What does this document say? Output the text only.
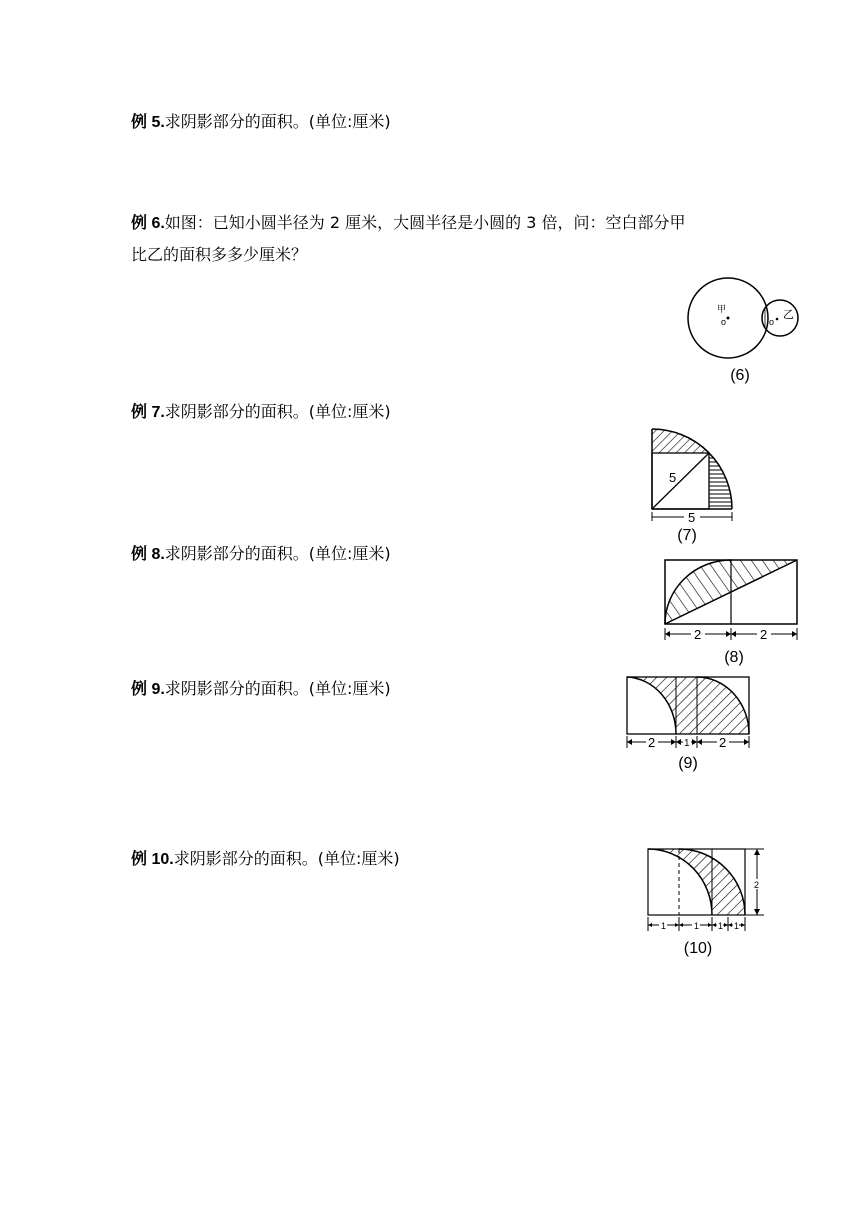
例 5.求阴影部分的面积。(单位:厘米)
例 6.如图：已知小圆半径为 2 厘米，大圆半径是小圆的 3 倍，问：空白部分甲
比乙的面积多多少厘米？
甲
o	o
乙
(6)
例 7.求阴影部分的面积。(单位:厘米)
5
5
(7)
例 8.求阴影部分的面积。(单位:厘米)
2	2
(8)
例 9.求阴影部分的面积。(单位:厘米)
2	1 2
(9)
例 10.求阴影部分的面积。(单位:厘米)
2
1	1 1 1
(10)
